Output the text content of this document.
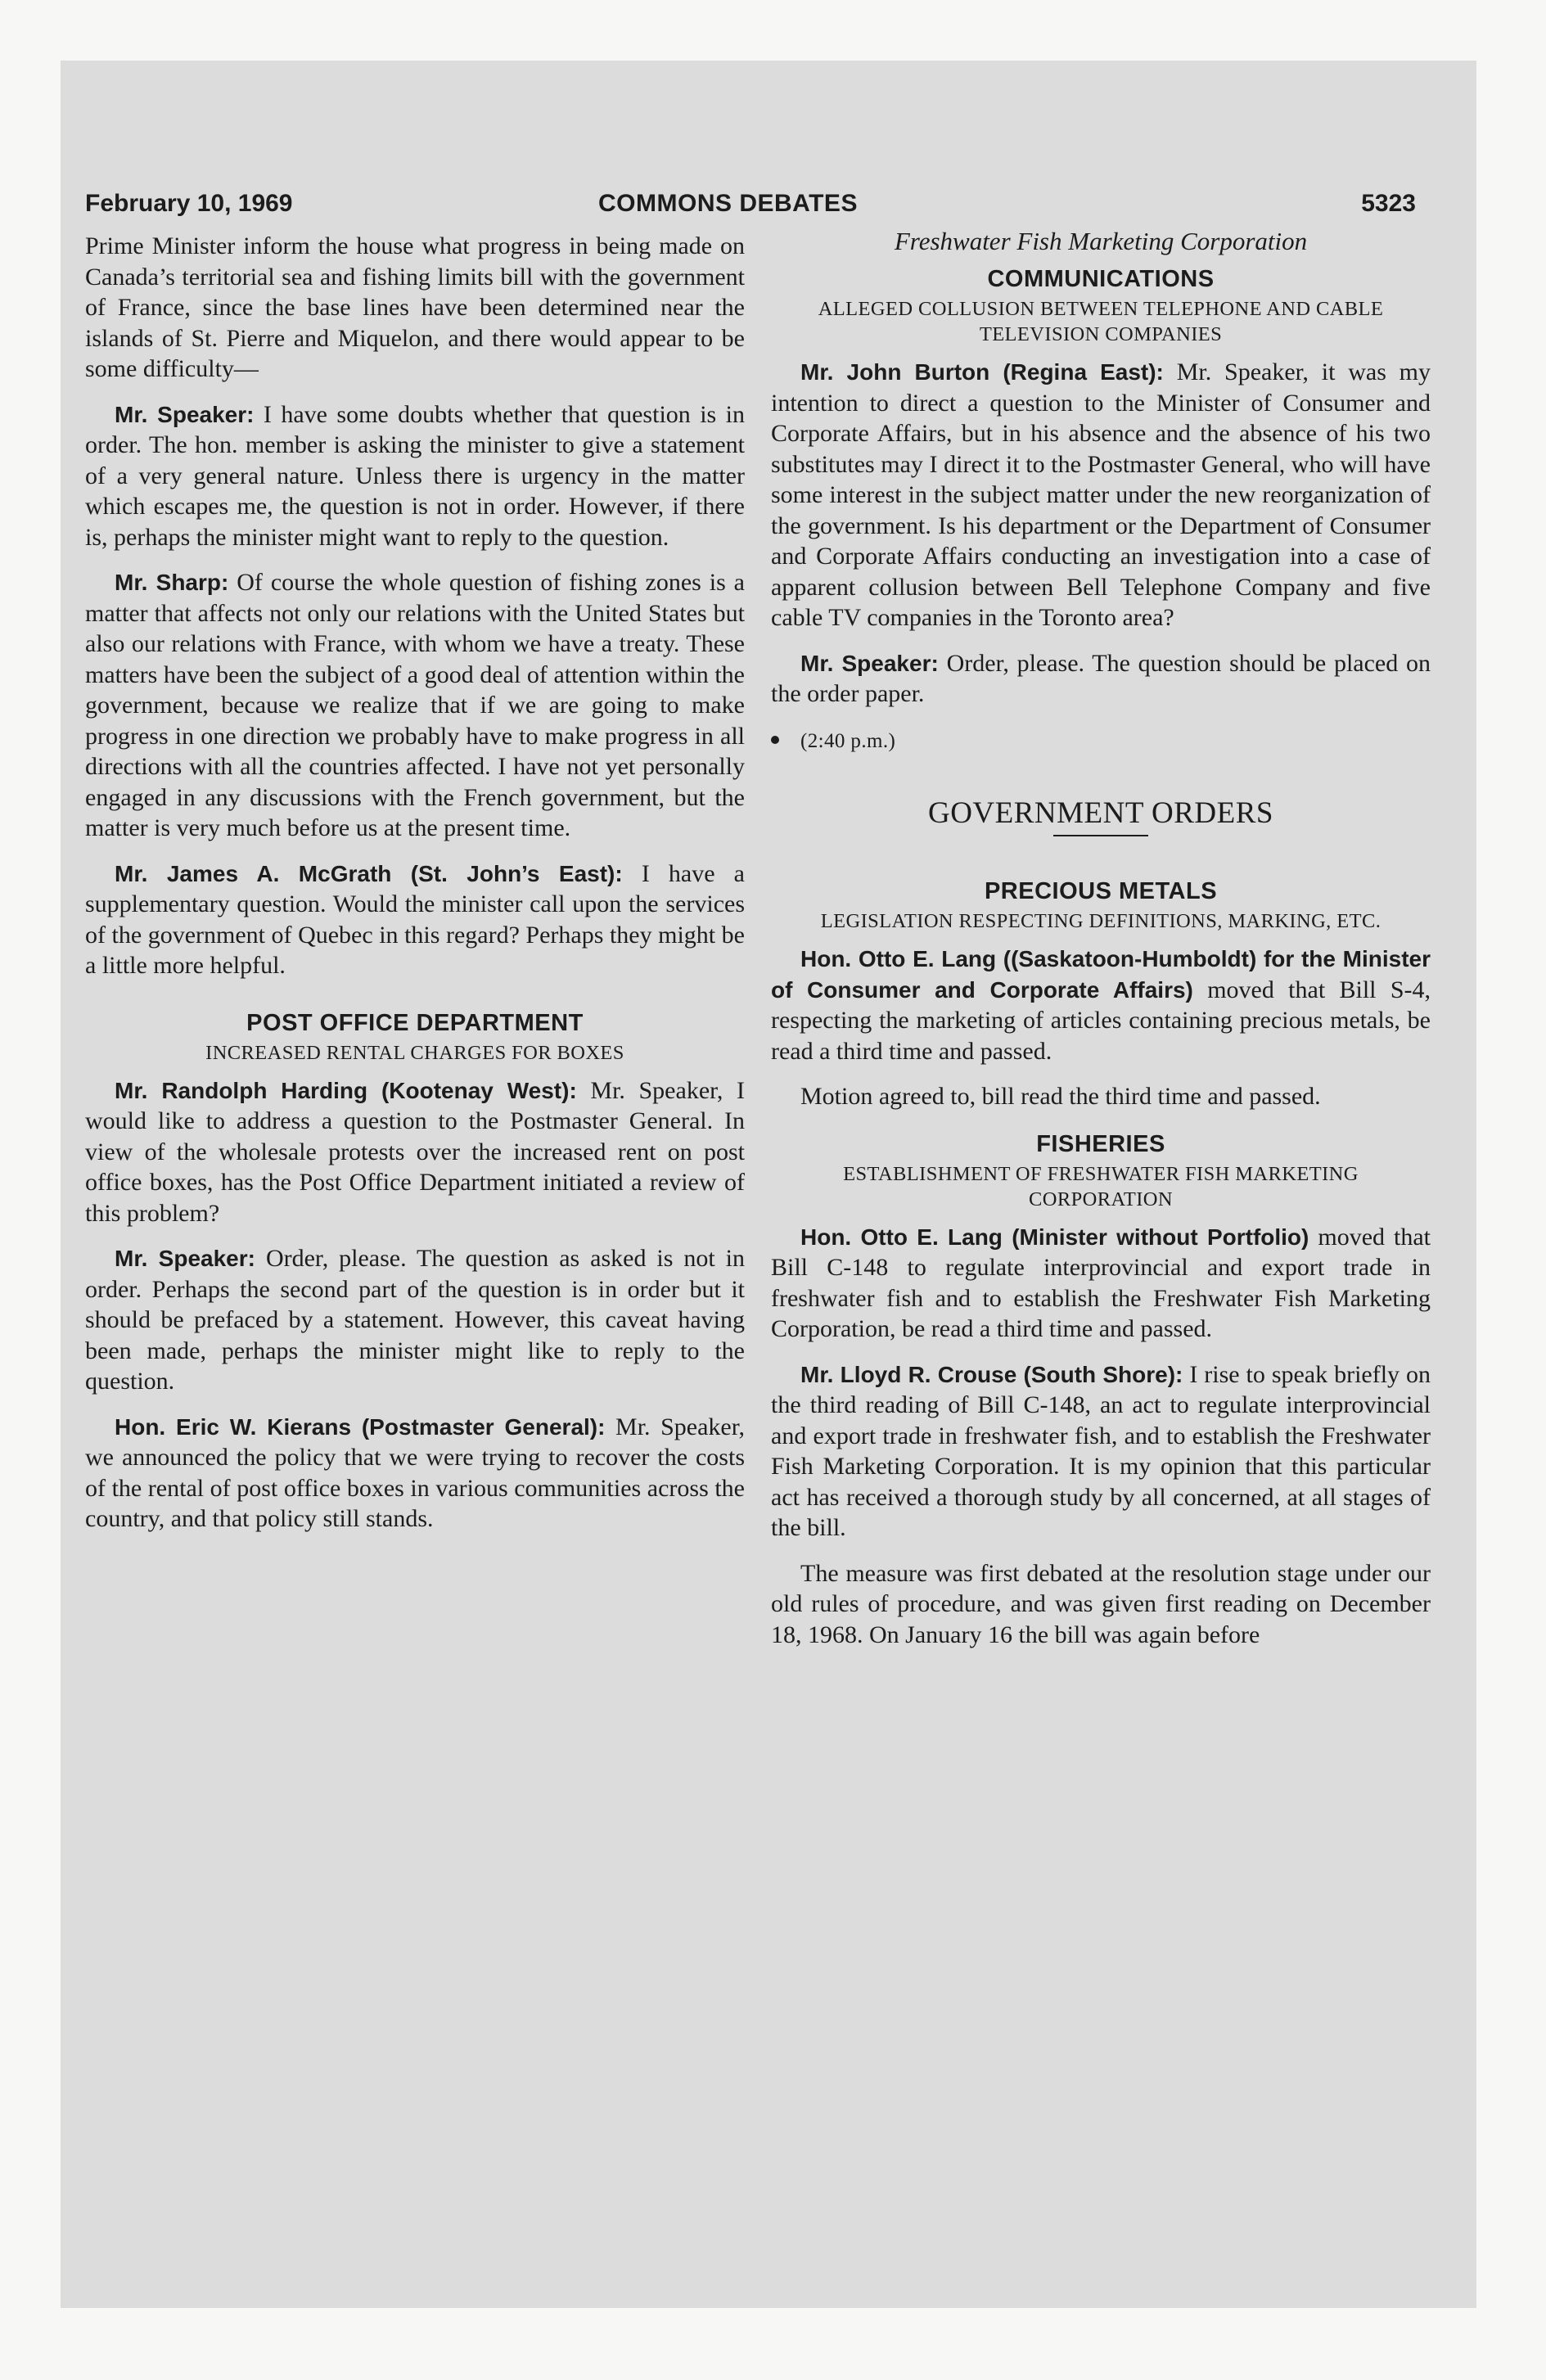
February 10, 1969	COMMONS DEBATES	5323

Prime Minister inform the house what progress in being made on Canada’s territorial sea and fishing limits bill with the government of France, since the base lines have been determined near the islands of St. Pierre and Miquelon, and there would appear to be some difficulty—

Mr. Speaker: I have some doubts whether that question is in order. The hon. member is asking the minister to give a statement of a very general nature. Unless there is urgency in the matter which escapes me, the question is not in order. However, if there is, perhaps the minister might want to reply to the question.

Mr. Sharp: Of course the whole question of fishing zones is a matter that affects not only our relations with the United States but also our relations with France, with whom we have a treaty. These matters have been the subject of a good deal of attention within the government, because we realize that if we are going to make progress in one direction we probably have to make progress in all directions with all the countries affected. I have not yet personally engaged in any discussions with the French government, but the matter is very much before us at the present time.

Mr. James A. McGrath (St. John’s East): I have a supplementary question. Would the minister call upon the services of the government of Quebec in this regard? Perhaps they might be a little more helpful.

POST OFFICE DEPARTMENT
INCREASED RENTAL CHARGES FOR BOXES

Mr. Randolph Harding (Kootenay West): Mr. Speaker, I would like to address a question to the Postmaster General. In view of the wholesale protests over the increased rent on post office boxes, has the Post Office Department initiated a review of this problem?

Mr. Speaker: Order, please. The question as asked is not in order. Perhaps the second part of the question is in order but it should be prefaced by a statement. However, this caveat having been made, perhaps the minister might like to reply to the question.

Hon. Eric W. Kierans (Postmaster General): Mr. Speaker, we announced the policy that we were trying to recover the costs of the rental of post office boxes in various communities across the country, and that policy still stands.

Freshwater Fish Marketing Corporation
COMMUNICATIONS
ALLEGED COLLUSION BETWEEN TELEPHONE AND CABLE TELEVISION COMPANIES

Mr. John Burton (Regina East): Mr. Speaker, it was my intention to direct a question to the Minister of Consumer and Corporate Affairs, but in his absence and the absence of his two substitutes may I direct it to the Postmaster General, who will have some interest in the subject matter under the new reorganization of the government. Is his department or the Department of Consumer and Corporate Affairs conducting an investigation into a case of apparent collusion between Bell Telephone Company and five cable TV companies in the Toronto area?

Mr. Speaker: Order, please. The question should be placed on the order paper.

(2:40 p.m.)
GOVERNMENT ORDERS
PRECIOUS METALS
LEGISLATION RESPECTING DEFINITIONS, MARKING, ETC.

Hon. Otto E. Lang ((Saskatoon-Humboldt) for the Minister of Consumer and Corporate Affairs) moved that Bill S-4, respecting the marketing of articles containing precious metals, be read a third time and passed.

Motion agreed to, bill read the third time and passed.

FISHERIES
ESTABLISHMENT OF FRESHWATER FISH MARKETING CORPORATION

Hon. Otto E. Lang (Minister without Portfolio) moved that Bill C-148 to regulate interprovincial and export trade in freshwater fish and to establish the Freshwater Fish Marketing Corporation, be read a third time and passed.

Mr. Lloyd R. Crouse (South Shore): I rise to speak briefly on the third reading of Bill C-148, an act to regulate interprovincial and export trade in freshwater fish, and to establish the Freshwater Fish Marketing Corporation. It is my opinion that this particular act has received a thorough study by all concerned, at all stages of the bill.

The measure was first debated at the resolution stage under our old rules of procedure, and was given first reading on December 18, 1968. On January 16 the bill was again before
